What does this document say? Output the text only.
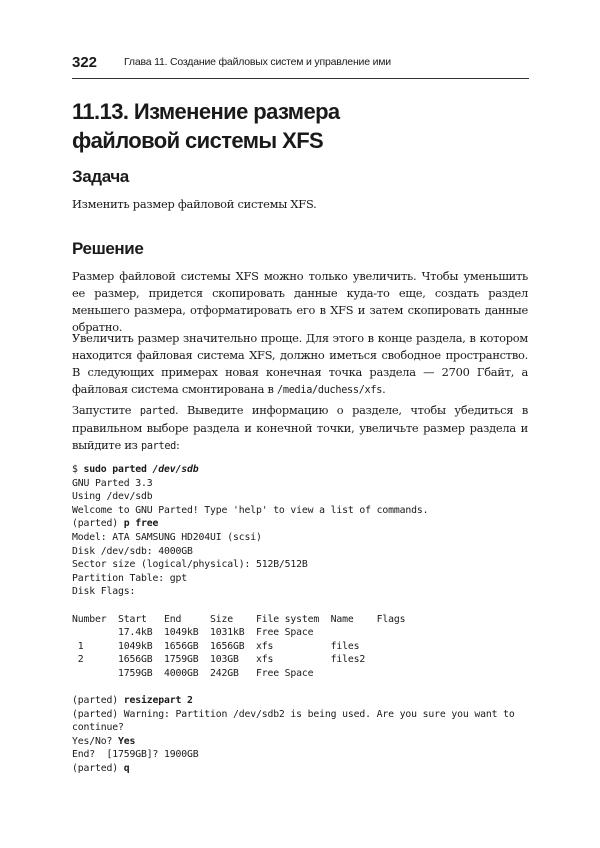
322	Глава 11. Создание файловых систем и управление ими
11.13. Изменение размера
файловой системы XFS
Задача

Изменить размер файловой системы XFS.

Решение

Размер файловой системы XFS можно только увеличить. Чтобы уменьшить ее размер, придется скопировать данные куда-то еще, создать раздел меньшего размера, отформатировать его в XFS и затем скопировать данные обратно.

Увеличить размер значительно проще. Для этого в конце раздела, в котором находится файловая система XFS, должно иметься свободное пространство. В следующих примерах новая конечная точка раздела — 2700 Гбайт, а файловая система смонтирована в /media/duchess/xfs.

Запустите parted. Выведите информацию о разделе, чтобы убедиться в правильном выборе раздела и конечной точки, увеличьте размер раздела и выйдите из parted:

$ sudo parted /dev/sdb
GNU Parted 3.3
Using /dev/sdb
Welcome to GNU Parted! Type 'help' to view a list of commands.
(parted) p free
Model: ATA SAMSUNG HD204UI (scsi)
Disk /dev/sdb: 4000GB
Sector size (logical/physical): 512B/512B
Partition Table: gpt
Disk Flags:

Number  Start   End     Size    File system  Name    Flags
17.4kB  1049kB  1031kB  Free Space
1      1049kB  1656GB  1656GB  xfs          files
2      1656GB  1759GB  103GB   xfs          files2
1759GB  4000GB  242GB   Free Space

(parted) resizepart 2
(parted) Warning: Partition /dev/sdb2 is being used. Are you sure you want to
continue?
Yes/No? Yes
End?  [1759GB]? 1900GB
(parted) q
